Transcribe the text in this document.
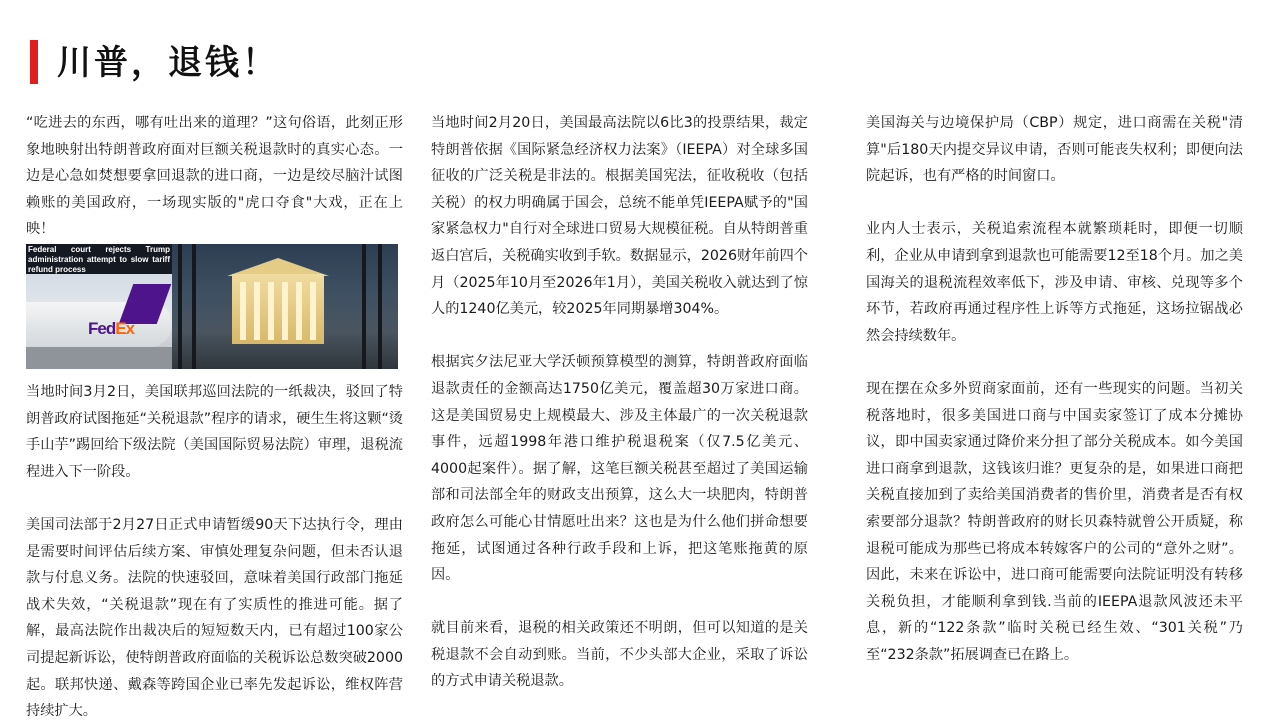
川普，退钱！

“吃进去的东西，哪有吐出来的道理？”这句俗语，此刻正形象地映射出特朗普政府面对巨额关税退款时的真实心态。一边是心急如焚想要拿回退款的进口商，一边是绞尽脑汁试图赖账的美国政府，一场现实版的"虎口夺食"大戏，正在上映！

FedEx
Federal court rejects Trump administration attempt to slow tariff refund process

当地时间3月2日，美国联邦巡回法院的一纸裁决，驳回了特朗普政府试图拖延“关税退款”程序的请求，硬生生将这颗“烫手山芋”踢回给下级法院（美国国际贸易法院）审理，退税流程进入下一阶段。

美国司法部于2月27日正式申请暂缓90天下达执行令，理由是需要时间评估后续方案、审慎处理复杂问题，但未否认退款与付息义务。法院的快速驳回，意味着美国行政部门拖延战术失效，“关税退款”现在有了实质性的推进可能。据了解，最高法院作出裁决后的短短数天内，已有超过100家公司提起新诉讼，使特朗普政府面临的关税诉讼总数突破2000起。联邦快递、戴森等跨国企业已率先发起诉讼，维权阵营持续扩大。

当地时间2月20日，美国最高法院以6比3的投票结果，裁定特朗普依据《国际紧急经济权力法案》（IEEPA）对全球多国征收的广泛关税是非法的。根据美国宪法，征收税收（包括关税）的权力明确属于国会，总统不能单凭IEEPA赋予的"国家紧急权力"自行对全球进口贸易大规模征税。自从特朗普重返白宫后，关税确实收到手软。数据显示，2026财年前四个月（2025年10月至2026年1月），美国关税收入就达到了惊人的1240亿美元，较2025年同期暴增304%。

根据宾夕法尼亚大学沃顿预算模型的测算，特朗普政府面临退款责任的金额高达1750亿美元，覆盖超30万家进口商。这是美国贸易史上规模最大、涉及主体最广的一次关税退款事件，远超1998年港口维护税退税案（仅7.5亿美元、4000起案件）。据了解，这笔巨额关税甚至超过了美国运输部和司法部全年的财政支出预算，这么大一块肥肉，特朗普政府怎么可能心甘情愿吐出来？这也是为什么他们拼命想要拖延，试图通过各种行政手段和上诉，把这笔账拖黄的原因。

就目前来看，退税的相关政策还不明朗，但可以知道的是关税退款不会自动到账。当前，不少头部大企业，采取了诉讼的方式申请关税退款。

美国海关与边境保护局（CBP）规定，进口商需在关税"清算"后180天内提交异议申请，否则可能丧失权利；即便向法院起诉，也有严格的时间窗口。

业内人士表示，关税追索流程本就繁琐耗时，即便一切顺利，企业从申请到拿到退款也可能需要12至18个月。加之美国海关的退税流程效率低下，涉及申请、审核、兑现等多个环节，若政府再通过程序性上诉等方式拖延，这场拉锯战必然会持续数年。

现在摆在众多外贸商家面前，还有一些现实的问题。当初关税落地时，很多美国进口商与中国卖家签订了成本分摊协议，即中国卖家通过降价来分担了部分关税成本。如今美国进口商拿到退款，这钱该归谁？更复杂的是，如果进口商把关税直接加到了卖给美国消费者的售价里，消费者是否有权索要部分退款？特朗普政府的财长贝森特就曾公开质疑，称退税可能成为那些已将成本转嫁客户的公司的“意外之财”。因此，未来在诉讼中，进口商可能需要向法院证明没有转移关税负担，才能顺利拿到钱.当前的IEEPA退款风波还未平息，新的“122条款”临时关税已经生效、“301关税”乃至“232条款”拓展调查已在路上。
